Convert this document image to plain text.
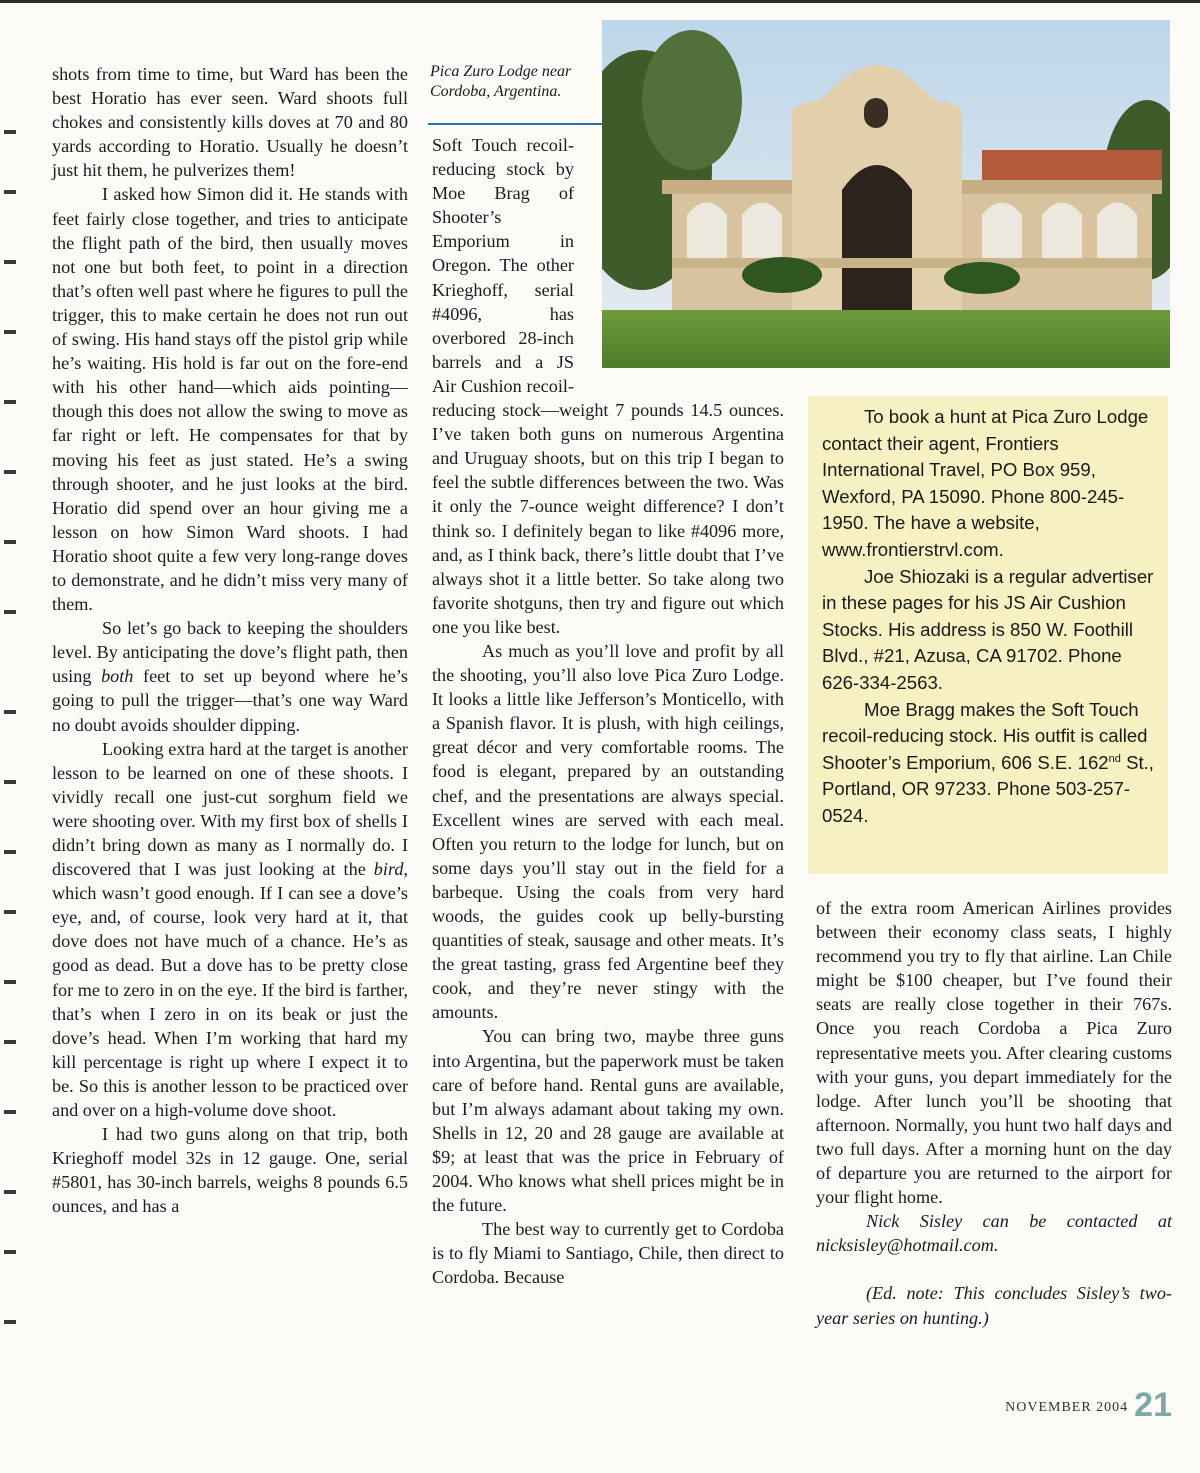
shots from time to time, but Ward has been the best Horatio has ever seen. Ward shoots full chokes and consistently kills doves at 70 and 80 yards according to Horatio. Usually he doesn’t just hit them, he pulverizes them!

I asked how Simon did it. He stands with feet fairly close together, and tries to anticipate the flight path of the bird, then usually moves not one but both feet, to point in a direction that’s often well past where he figures to pull the trigger, this to make certain he does not run out of swing. His hand stays off the pistol grip while he’s waiting. His hold is far out on the fore-end with his other hand—which aids pointing—though this does not allow the swing to move as far right or left. He compensates for that by moving his feet as just stated. He’s a swing through shooter, and he just looks at the bird. Horatio did spend over an hour giving me a lesson on how Simon Ward shoots. I had Horatio shoot quite a few very long-range doves to demonstrate, and he didn’t miss very many of them.

So let’s go back to keeping the shoulders level. By anticipating the dove’s flight path, then using both feet to set up beyond where he’s going to pull the trigger—that’s one way Ward no doubt avoids shoulder dipping.

Looking extra hard at the target is another lesson to be learned on one of these shoots. I vividly recall one just-cut sorghum field we were shooting over. With my first box of shells I didn’t bring down as many as I normally do. I discovered that I was just looking at the bird, which wasn’t good enough. If I can see a dove’s eye, and, of course, look very hard at it, that dove does not have much of a chance. He’s as good as dead. But a dove has to be pretty close for me to zero in on the eye. If the bird is farther, that’s when I zero in on its beak or just the dove’s head. When I’m working that hard my kill percentage is right up where I expect it to be. So this is another lesson to be practiced over and over on a high-volume dove shoot.

I had two guns along on that trip, both Krieghoff model 32s in 12 gauge. One, serial #5801, has 30-inch barrels, weighs 8 pounds 6.5 ounces, and has a

Pica Zuro Lodge near Cordoba, Argentina.

Soft Touch recoil-reducing stock by Moe Brag of Shooter’s Emporium in Oregon. The other Krieghoff, serial #4096, has overbored 28-inch barrels and a JS Air Cushion recoil-reducing stock—weight 7 pounds 14.5 ounces. I’ve taken both guns on numerous Argentina and Uruguay shoots, but on this trip I began to feel the subtle differences between the two. Was it only the 7-ounce weight difference? I don’t think so. I definitely began to like #4096 more, and, as I think back, there’s little doubt that I’ve always shot it a little better. So take along two favorite shotguns, then try and figure out which one you like best.

As much as you’ll love and profit by all the shooting, you’ll also love Pica Zuro Lodge. It looks a little like Jefferson’s Monticello, with a Spanish flavor. It is plush, with high ceilings, great décor and very comfortable rooms. The food is elegant, prepared by an outstanding chef, and the presentations are always special. Excellent wines are served with each meal. Often you return to the lodge for lunch, but on some days you’ll stay out in the field for a barbeque. Using the coals from very hard woods, the guides cook up belly-bursting quantities of steak, sausage and other meats. It’s the great tasting, grass fed Argentine beef they cook, and they’re never stingy with the amounts.

You can bring two, maybe three guns into Argentina, but the paperwork must be taken care of before hand. Rental guns are available, but I’m always adamant about taking my own. Shells in 12, 20 and 28 gauge are available at $9; at least that was the price in February of 2004. Who knows what shell prices might be in the future.

The best way to currently get to Cordoba is to fly Miami to Santiago, Chile, then direct to Cordoba. Because

To book a hunt at Pica Zuro Lodge contact their agent, Frontiers International Travel, PO Box 959, Wexford, PA 15090. Phone 800-245-1950. The have a website, www.frontierstrvl.com.

Joe Shiozaki is a regular advertiser in these pages for his JS Air Cushion Stocks. His address is 850 W. Foothill Blvd., #21, Azusa, CA 91702. Phone 626-334-2563.

Moe Bragg makes the Soft Touch recoil-reducing stock. His outfit is called Shooter’s Emporium, 606 S.E. 162nd St., Portland, OR 97233. Phone 503-257-0524.

of the extra room American Airlines provides between their economy class seats, I highly recommend you try to fly that airline. Lan Chile might be $100 cheaper, but I’ve found their seats are really close together in their 767s. Once you reach Cordoba a Pica Zuro representative meets you. After clearing customs with your guns, you depart immediately for the lodge. After lunch you’ll be shooting that afternoon. Normally, you hunt two half days and two full days. After a morning hunt on the day of departure you are returned to the airport for your flight home.

Nick Sisley can be contacted at nicksisley@hotmail.com.

(Ed. note: This concludes Sisley’s two-year series on hunting.)

NOVEMBER 2004 21
